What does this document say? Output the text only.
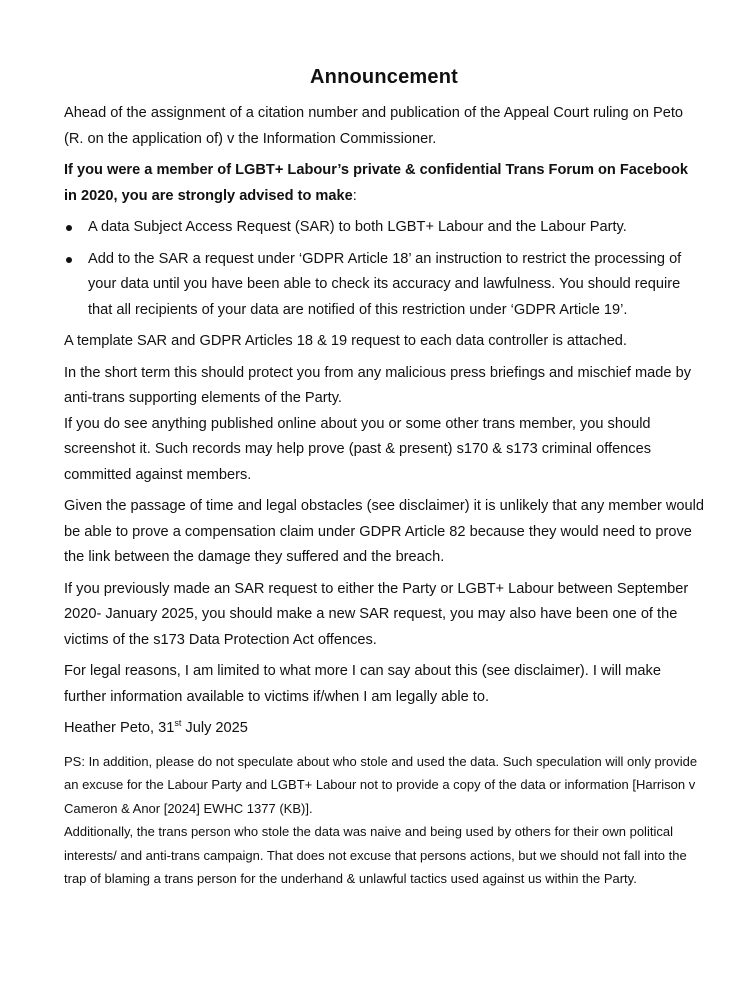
Announcement

Ahead of the assignment of a citation number and publication of the Appeal Court ruling on Peto (R. on the application of) v the Information Commissioner.

If you were a member of LGBT+ Labour’s private & confidential Trans Forum on Facebook in 2020, you are strongly advised to make:

A data Subject Access Request (SAR) to both LGBT+ Labour and the Labour Party.
Add to the SAR a request under ‘GDPR Article 18’ an instruction to restrict the processing of your data until you have been able to check its accuracy and lawfulness. You should require that all recipients of your data are notified of this restriction under ‘GDPR Article 19’.

A template SAR and GDPR Articles 18 & 19 request to each data controller is attached.

In the short term this should protect you from any malicious press briefings and mischief made by anti-trans supporting elements of the Party.

If you do see anything published online about you or some other trans member, you should screenshot it. Such records may help prove (past & present) s170 & s173 criminal offences committed against members.

Given the passage of time and legal obstacles (see disclaimer) it is unlikely that any member would be able to prove a compensation claim under GDPR Article 82 because they would need to prove the link between the damage they suffered and the breach.

If you previously made an SAR request to either the Party or LGBT+ Labour between September 2020- January 2025, you should make a new SAR request, you may also have been one of the victims of the s173 Data Protection Act offences.

For legal reasons, I am limited to what more I can say about this (see disclaimer). I will make further information available to victims if/when I am legally able to.

Heather Peto, 31st July 2025

PS: In addition, please do not speculate about who stole and used the data. Such speculation will only provide an excuse for the Labour Party and LGBT+ Labour not to provide a copy of the data or information [Harrison v Cameron & Anor [2024] EWHC 1377 (KB)].

Additionally, the trans person who stole the data was naive and being used by others for their own political interests/ and anti-trans campaign. That does not excuse that persons actions, but we should not fall into the trap of blaming a trans person for the underhand & unlawful tactics used against us within the Party.
